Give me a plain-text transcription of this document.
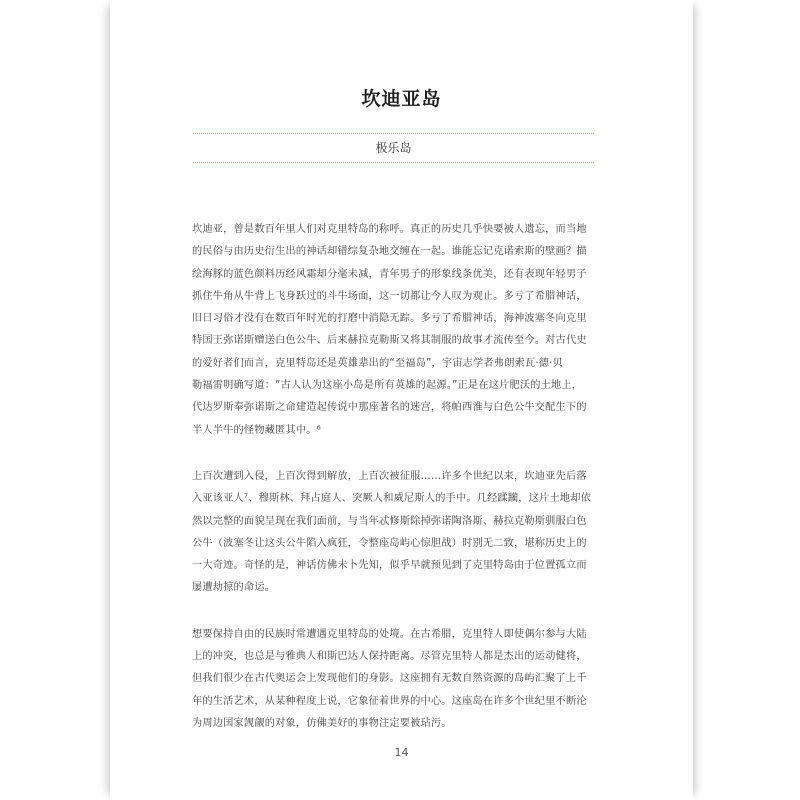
坎迪亚岛
极乐岛

坎迪亚，曾是数百年里人们对克里特岛的称呼。真正的历史几乎快要被人遗忘，而当地
的民俗与由历史衍生出的神话却错综复杂地交缠在一起。谁能忘记克诺索斯的壁画？描
绘海豚的蓝色颜料历经风霜却分毫未减，青年男子的形象线条优美，还有表现年轻男子
抓住牛角从牛背上飞身跃过的斗牛场面，这一切都让今人叹为观止。多亏了希腊神话，
旧日习俗才没有在数百年时光的打磨中消隐无踪。多亏了希腊神话，海神波塞冬向克里
特国王弥诺斯赠送白色公牛、后来赫拉克勒斯又将其制服的故事才流传至今。对古代史
的爱好者们而言，克里特岛还是英雄辈出的“至福岛”，宇宙志学者弗朗索瓦·德·贝
勒福雷明确写道：“古人认为这座小岛是所有英雄的起源。”正是在这片肥沃的土地上，
代达罗斯奉弥诺斯之命建造起传说中那座著名的迷宫，将帕西淮与白色公牛交配生下的
半人半牛的怪物藏匿其中。⁶

上百次遭到入侵，上百次得到解放，上百次被征服……许多个世纪以来，坎迪亚先后落
入亚该亚人⁷、穆斯林、拜占庭人、突厥人和威尼斯人的手中。几经蹂躏，这片土地却依
然以完整的面貌呈现在我们面前，与当年忒修斯除掉弥诺陶洛斯、赫拉克勒斯驯服白色
公牛（波塞冬让这头公牛陷入疯狂，令整座岛屿心惊胆战）时别无二致，堪称历史上的
一大奇迹。奇怪的是，神话仿佛未卜先知，似乎早就预见到了克里特岛由于位置孤立而
屡遭劫掠的命运。

想要保持自由的民族时常遭遇克里特岛的处境。在古希腊，克里特人即使偶尔参与大陆
上的冲突，也总是与雅典人和斯巴达人保持距离。尽管克里特人都是杰出的运动健将，
但我们很少在古代奥运会上发现他们的身影。这座拥有无数自然资源的岛屿汇聚了上千
年的生活艺术，从某种程度上说，它象征着世界的中心。这座岛在许多个世纪里不断沦
为周边国家觊觎的对象，仿佛美好的事物注定要被玷污。

14
